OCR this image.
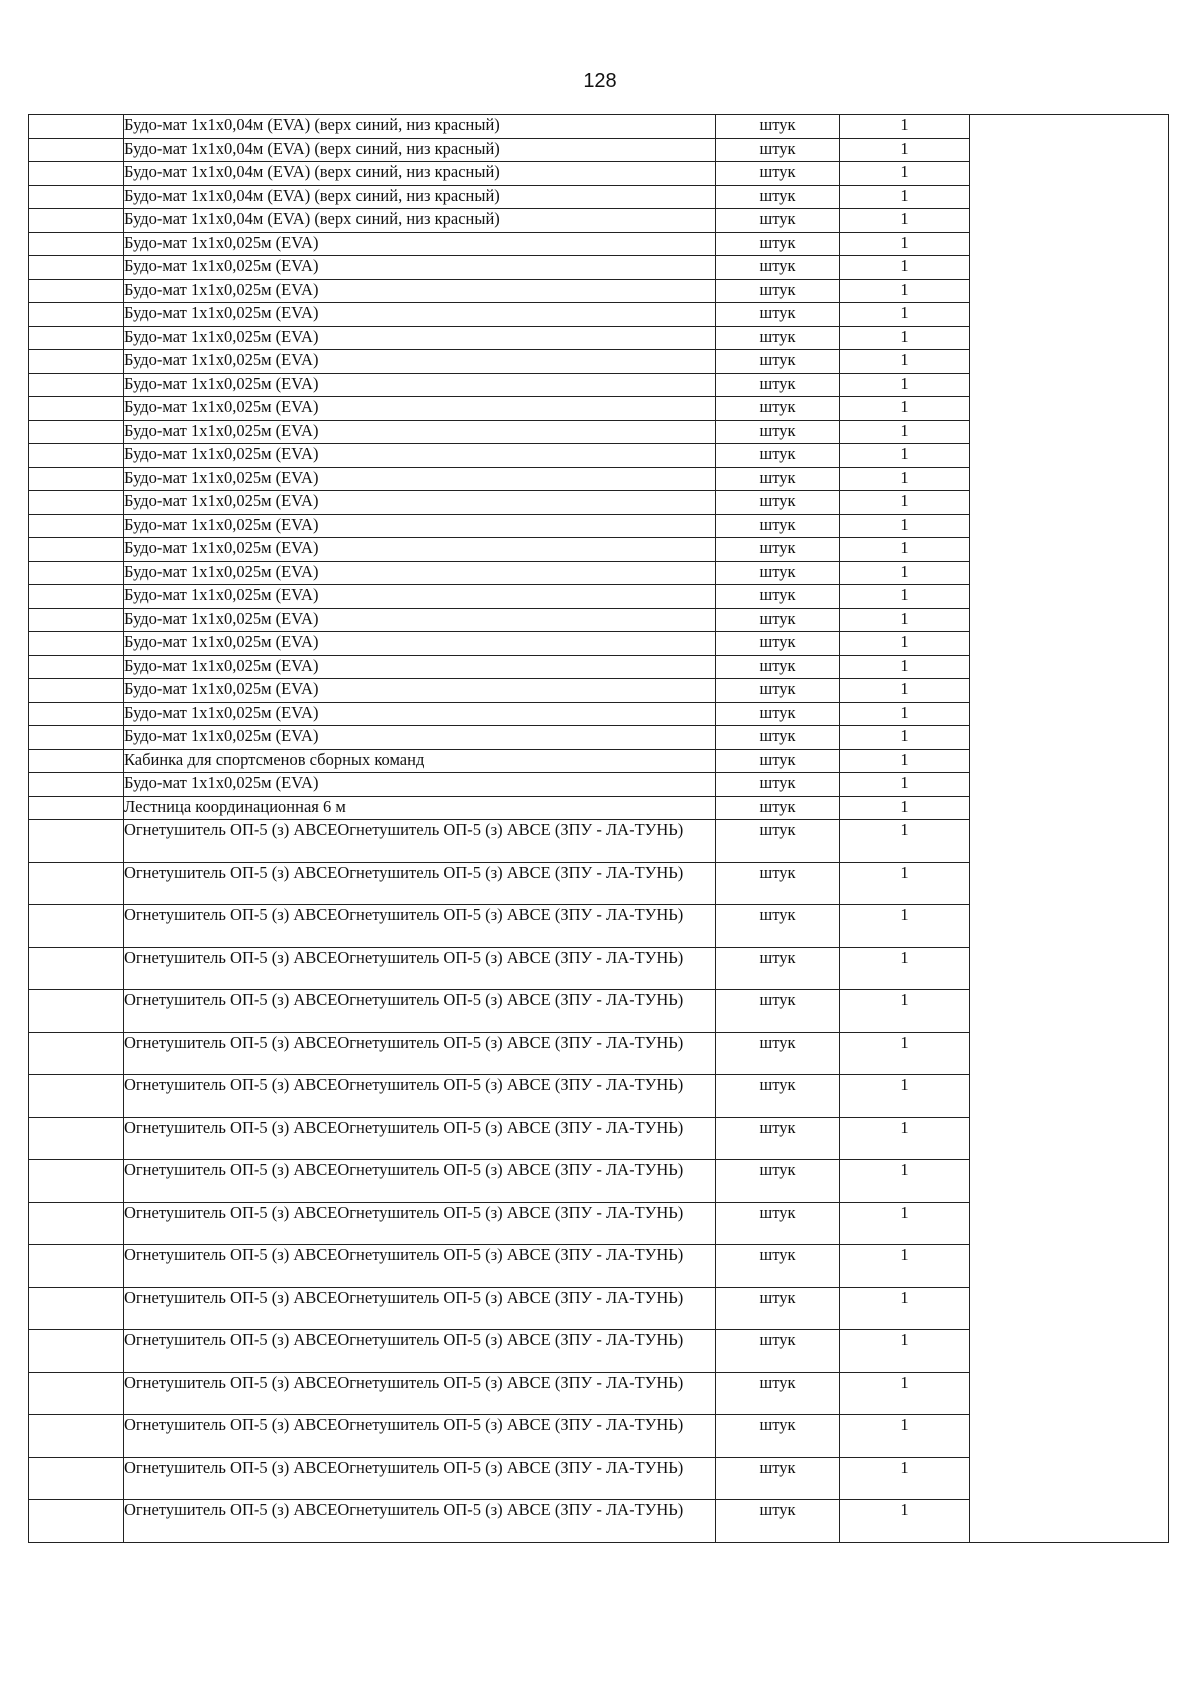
128
	Будо-мат 1x1x0,04м (EVA) (верх синий, низ красный)	штук	1	
	Будо-мат 1x1x0,04м (EVA) (верх синий, низ красный)	штук	1	
	Будо-мат 1x1x0,04м (EVA) (верх синий, низ красный)	штук	1	
	Будо-мат 1x1x0,04м (EVA) (верх синий, низ красный)	штук	1	
	Будо-мат 1x1x0,04м (EVA) (верх синий, низ красный)	штук	1	
	Будо-мат 1x1x0,025м (EVA)	штук	1	
	Будо-мат 1x1x0,025м (EVA)	штук	1	
	Будо-мат 1x1x0,025м (EVA)	штук	1	
	Будо-мат 1x1x0,025м (EVA)	штук	1	
	Будо-мат 1x1x0,025м (EVA)	штук	1	
	Будо-мат 1x1x0,025м (EVA)	штук	1	
	Будо-мат 1x1x0,025м (EVA)	штук	1	
	Будо-мат 1x1x0,025м (EVA)	штук	1	
	Будо-мат 1x1x0,025м (EVA)	штук	1	
	Будо-мат 1x1x0,025м (EVA)	штук	1	
	Будо-мат 1x1x0,025м (EVA)	штук	1	
	Будо-мат 1x1x0,025м (EVA)	штук	1	
	Будо-мат 1x1x0,025м (EVA)	штук	1	
	Будо-мат 1x1x0,025м (EVA)	штук	1	
	Будо-мат 1x1x0,025м (EVA)	штук	1	
	Будо-мат 1x1x0,025м (EVA)	штук	1	
	Будо-мат 1x1x0,025м (EVA)	штук	1	
	Будо-мат 1x1x0,025м (EVA)	штук	1	
	Будо-мат 1x1x0,025м (EVA)	штук	1	
	Будо-мат 1x1x0,025м (EVA)	штук	1	
	Будо-мат 1x1x0,025м (EVA)	штук	1	
	Будо-мат 1x1x0,025м (EVA)	штук	1	
	Кабинка для спортсменов сборных команд	штук	1	
	Будо-мат 1x1x0,025м (EVA)	штук	1	
	Лестница координационная 6 м	штук	1	
	Огнетушитель ОП-5 (з) АВСЕОгнетушитель ОП-5 (з) АВСЕ (ЗПУ - ЛА-ТУНЬ)	штук	1	
	Огнетушитель ОП-5 (з) АВСЕОгнетушитель ОП-5 (з) АВСЕ (ЗПУ - ЛА-ТУНЬ)	штук	1	
	Огнетушитель ОП-5 (з) АВСЕОгнетушитель ОП-5 (з) АВСЕ (ЗПУ - ЛА-ТУНЬ)	штук	1	
	Огнетушитель ОП-5 (з) АВСЕОгнетушитель ОП-5 (з) АВСЕ (ЗПУ - ЛА-ТУНЬ)	штук	1	
	Огнетушитель ОП-5 (з) АВСЕОгнетушитель ОП-5 (з) АВСЕ (ЗПУ - ЛА-ТУНЬ)	штук	1	
	Огнетушитель ОП-5 (з) АВСЕОгнетушитель ОП-5 (з) АВСЕ (ЗПУ - ЛА-ТУНЬ)	штук	1	
	Огнетушитель ОП-5 (з) АВСЕОгнетушитель ОП-5 (з) АВСЕ (ЗПУ - ЛА-ТУНЬ)	штук	1	
	Огнетушитель ОП-5 (з) АВСЕОгнетушитель ОП-5 (з) АВСЕ (ЗПУ - ЛА-ТУНЬ)	штук	1	
	Огнетушитель ОП-5 (з) АВСЕОгнетушитель ОП-5 (з) АВСЕ (ЗПУ - ЛА-ТУНЬ)	штук	1	
	Огнетушитель ОП-5 (з) АВСЕОгнетушитель ОП-5 (з) АВСЕ (ЗПУ - ЛА-ТУНЬ)	штук	1	
	Огнетушитель ОП-5 (з) АВСЕОгнетушитель ОП-5 (з) АВСЕ (ЗПУ - ЛА-ТУНЬ)	штук	1	
	Огнетушитель ОП-5 (з) АВСЕОгнетушитель ОП-5 (з) АВСЕ (ЗПУ - ЛА-ТУНЬ)	штук	1	
	Огнетушитель ОП-5 (з) АВСЕОгнетушитель ОП-5 (з) АВСЕ (ЗПУ - ЛА-ТУНЬ)	штук	1	
	Огнетушитель ОП-5 (з) АВСЕОгнетушитель ОП-5 (з) АВСЕ (ЗПУ - ЛА-ТУНЬ)	штук	1	
	Огнетушитель ОП-5 (з) АВСЕОгнетушитель ОП-5 (з) АВСЕ (ЗПУ - ЛА-ТУНЬ)	штук	1	
	Огнетушитель ОП-5 (з) АВСЕОгнетушитель ОП-5 (з) АВСЕ (ЗПУ - ЛА-ТУНЬ)	штук	1	
	Огнетушитель ОП-5 (з) АВСЕОгнетушитель ОП-5 (з) АВСЕ (ЗПУ - ЛА-ТУНЬ)	штук	1	
